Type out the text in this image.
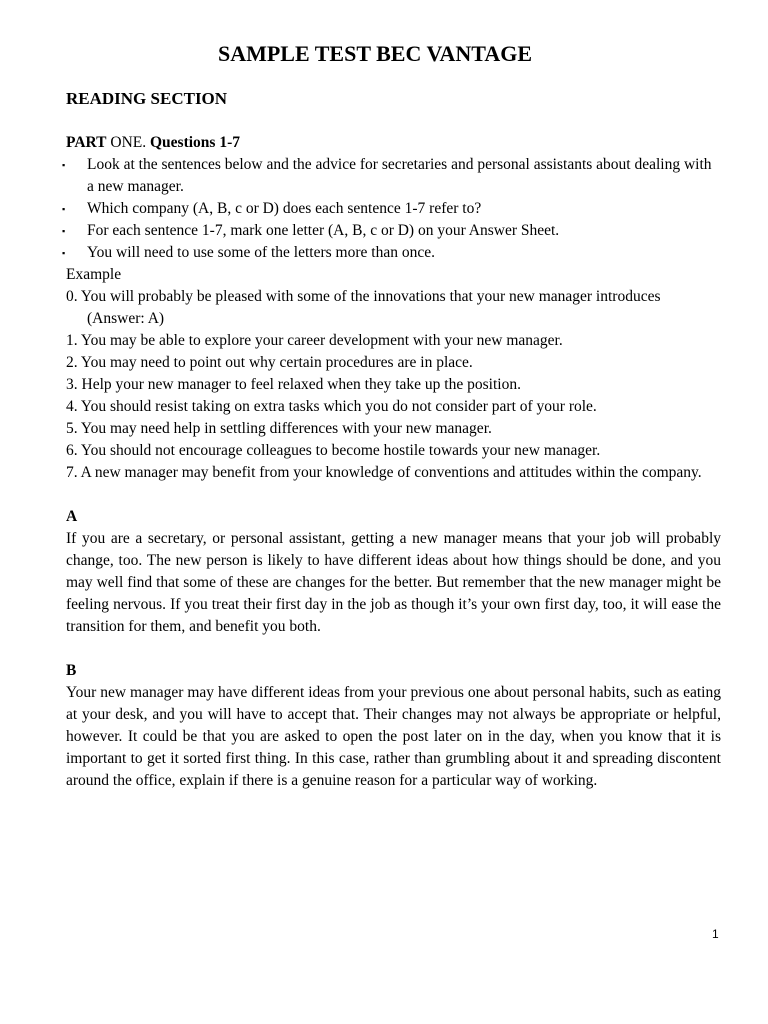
SAMPLE TEST BEC VANTAGE
READING SECTION

PART ONE. Questions 1-7

▪ Look at the sentences below and the advice for secretaries and personal assistants about dealing with a new manager.
▪ Which company (A, B, c or D) does each sentence 1-7 refer to?
▪ For each sentence 1-7, mark one letter (A, B, c or D) on your Answer Sheet.
▪ You will need to use some of the letters more than once.

Example

0. You will probably be pleased with some of the innovations that your new manager introduces

(Answer: A)

1. You may be able to explore your career development with your new manager.

2. You may need to point out why certain procedures are in place.

3. Help your new manager to feel relaxed when they take up the position.

4. You should resist taking on extra tasks which you do not consider part of your role.

5. You may need help in settling differences with your new manager.

6. You should not encourage colleagues to become hostile towards your new manager.

7. A new manager may benefit from your knowledge of conventions and attitudes within the company.

A

If you are a secretary, or personal assistant, getting a new manager means that your job will probably change, too. The new person is likely to have different ideas about how things should be done, and you may well find that some of these are changes for the better. But remember that the new manager might be feeling nervous. If you treat their first day in the job as though it’s your own first day, too, it will ease the transition for them, and benefit you both.

B

Your new manager may have different ideas from your previous one about personal habits, such as eating at your desk, and you will have to accept that. Their changes may not always be appropriate or helpful, however. It could be that you are asked to open the post later on in the day, when you know that it is important to get it sorted first thing. In this case, rather than grumbling about it and spreading discontent around the office, explain if there is a genuine reason for a particular way of working.

1
